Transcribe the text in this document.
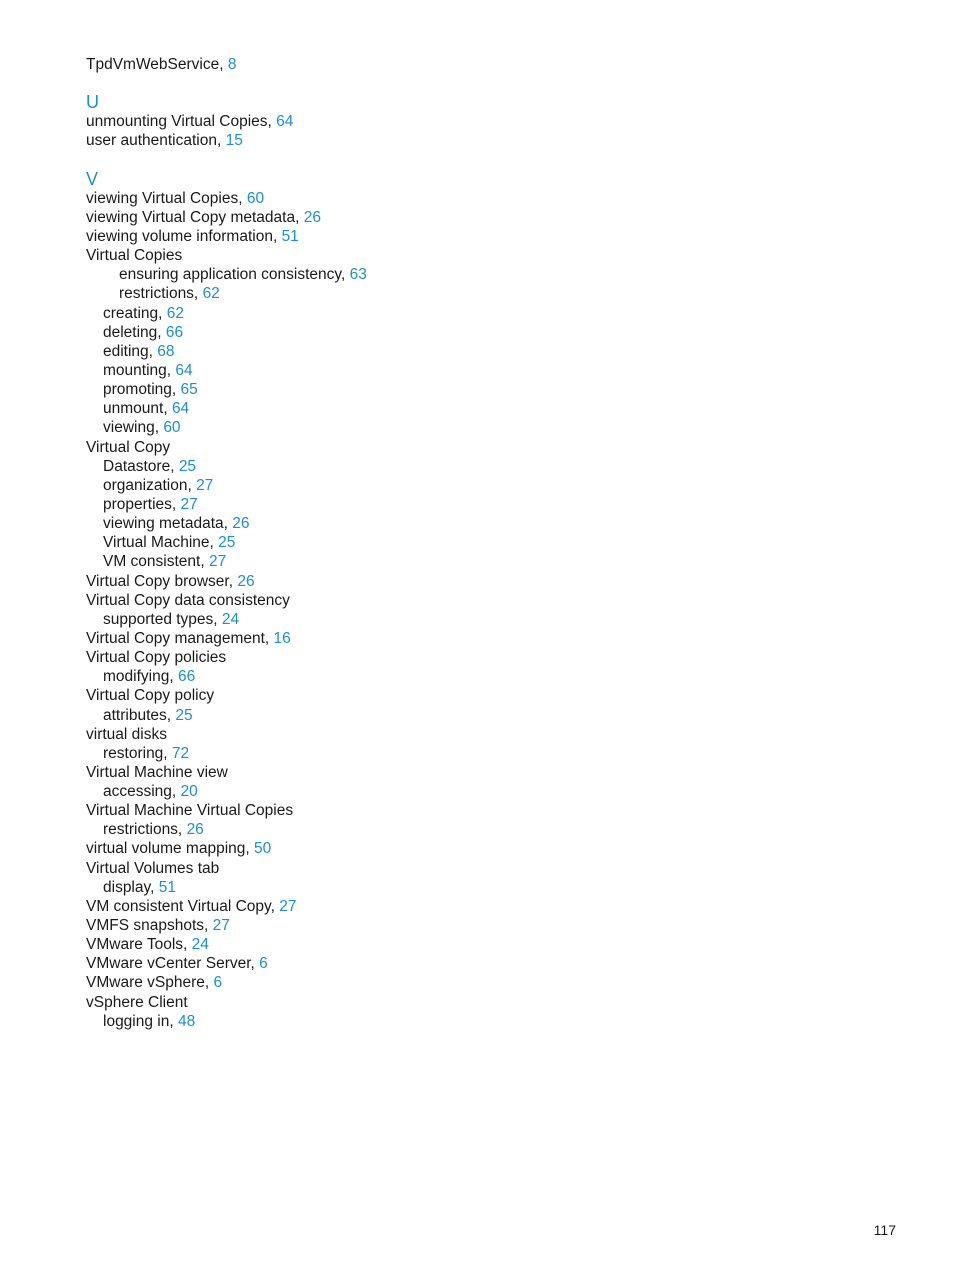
TpdVmWebService, 8
U
unmounting Virtual Copies, 64
user authentication, 15
V
viewing Virtual Copies, 60
viewing Virtual Copy metadata, 26
viewing volume information, 51
Virtual Copies
ensuring application consistency, 63
restrictions, 62
creating, 62
deleting, 66
editing, 68
mounting, 64
promoting, 65
unmount, 64
viewing, 60
Virtual Copy
Datastore, 25
organization, 27
properties, 27
viewing metadata, 26
Virtual Machine, 25
VM consistent, 27
Virtual Copy browser, 26
Virtual Copy data consistency
supported types, 24
Virtual Copy management, 16
Virtual Copy policies
modifying, 66
Virtual Copy policy
attributes, 25
virtual disks
restoring, 72
Virtual Machine view
accessing, 20
Virtual Machine Virtual Copies
restrictions, 26
virtual volume mapping, 50
Virtual Volumes tab
display, 51
VM consistent Virtual Copy, 27
VMFS snapshots, 27
VMware Tools, 24
VMware vCenter Server, 6
VMware vSphere, 6
vSphere Client
logging in, 48
117
